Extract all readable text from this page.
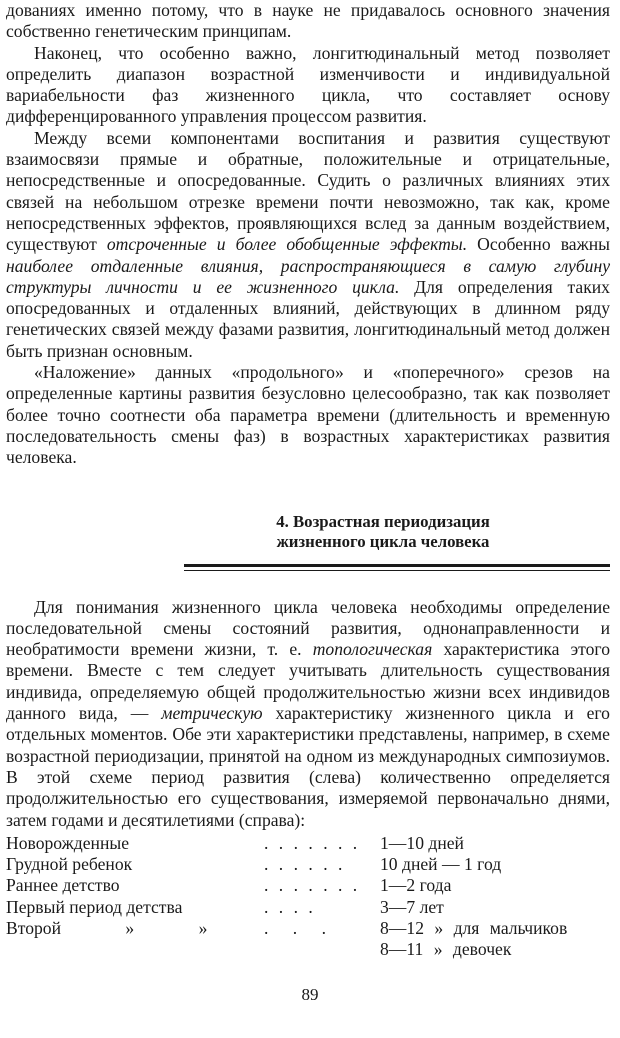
дованиях именно потому, что в науке не придавалось основного значения собственно генетическим принципам.

Наконец, что особенно важно, лонгитюдинальный метод позволяет определить диапазон возрастной изменчивости и индивидуальной вариабельности фаз жизненного цикла, что составляет основу дифференцированного управления процессом развития.

Между всеми компонентами воспитания и развития существуют взаимосвязи прямые и обратные, положительные и отрицательные, непосредственные и опосредованные. Судить о различных влияниях этих связей на небольшом отрезке времени почти невозможно, так как, кроме непосредственных эффектов, проявляющихся вслед за данным воздействием, существуют отсроченные и более обобщенные эффекты. Особенно важны наиболее отдаленные влияния, распространяющиеся в самую глубину структуры личности и ее жизненного цикла. Для определения таких опосредованных и отдаленных влияний, действующих в длинном ряду генетических связей между фазами развития, лонгитюдинальный метод должен быть признан основным.

«Наложение» данных «продольного» и «поперечного» срезов на определенные картины развития безусловно целесообразно, так как позволяет более точно соотнести оба параметра времени (длительность и временную последовательность смены фаз) в возрастных характеристиках развития человека.

4. Возрастная периодизация
жизненного цикла человека

Для понимания жизненного цикла человека необходимы определение последовательной смены состояний развития, однонаправленности и необратимости времени жизни, т. е. топологическая характеристика этого времени. Вместе с тем следует учитывать длительность существования индивида, определяемую общей продолжительностью жизни всех индивидов данного вида, — метрическую характеристику жизненного цикла и его отдельных моментов. Обе эти характеристики представлены, например, в схеме возрастной периодизации, принятой на одном из международных симпозиумов. В этой схеме период развития (слева) количественно определяется продолжительностью его существования, измеряемой первоначально днями, затем годами и десятилетиями (справа):

Новорожденные	. . . . . . .	1—10 дней
Грудной ребенок	. . . . . .	10 дней — 1 год
Раннее детство	. . . . . . .	1—2 года
Первый период детства	. . . .	3—7 лет
Второй » »	. . .	8—12 » для мальчиков
8—11 » девочек
89
